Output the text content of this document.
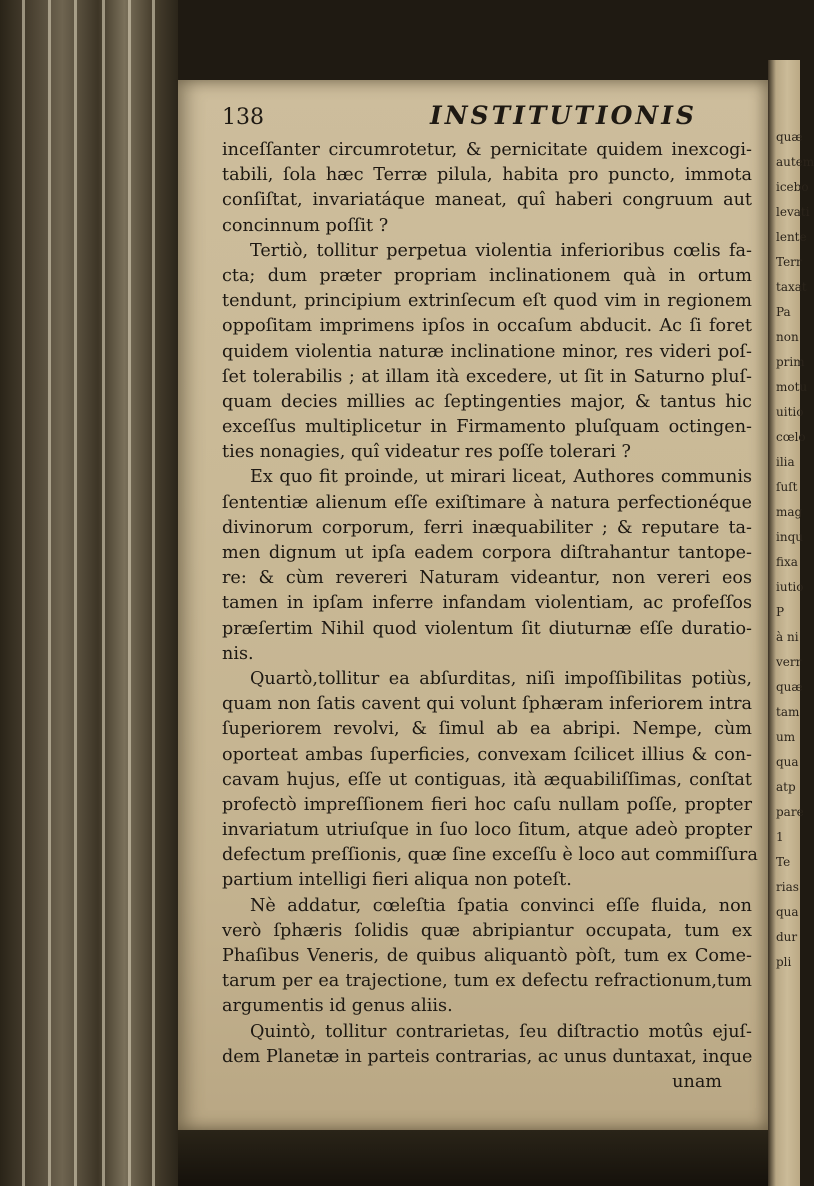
quæ
autem
icebo
levati
lente
Terr
taxat
Pa
non
prim
motu
uitio
cœlo
ilia
ſuſt
mag
inqu
fixa
iutio
P
à ni
verr
quæ
tam
um
qua
atp
pare
1
Te
rias
qua
dur
pli
138	INSTITUTIONIS
inceſſanter circumrotetur, & pernicitate quidem inexcogi-
tabili, ſola hæc Terræ pilula, habita pro puncto, immota
conſiſtat, invariatáque maneat, quî haberi congruum aut
concinnum poſſit ?
Tertiò, tollitur perpetua violentia inferioribus cœlis fa-
cta; dum præter propriam inclinationem quà in ortum
tendunt, principium extrinſecum eſt quod vim in regionem
oppoſitam imprimens ipſos in occaſum abducit. Ac ſi foret
quidem violentia naturæ inclinatione minor, res videri poſ-
ſet tolerabilis ; at illam ità excedere, ut ſit in Saturno pluſ-
quam decies millies ac ſeptingenties major, & tantus hic
exceſſus multiplicetur in Firmamento pluſquam octingen-
ties nonagies, quî videatur res poſſe tolerari ?
Ex quo fit proinde, ut mirari liceat, Authores communis
ſententiæ alienum eſſe exiſtimare à natura perfectionéque
divinorum corporum, ferri inæquabiliter ; & reputare ta-
men dignum ut ipſa eadem corpora diſtrahantur tantope-
re: & cùm revereri Naturam videantur, non vereri eos
tamen in ipſam inferre infandam violentiam, ac profeſſos
præſertim Nihil quod violentum ſit diuturnæ eſſe duratio-
nis.
Quartò,tollitur ea abſurditas, niſi impoſſibilitas potiùs,
quam non ſatis cavent qui volunt ſphæram inferiorem intra
ſuperiorem revolvi, & ſimul ab ea abripi. Nempe, cùm
oporteat ambas ſuperficies, convexam ſcilicet illius & con-
cavam hujus, eſſe ut contiguas, ità æquabiliſſimas, conſtat
profectò impreſſionem fieri hoc caſu nullam poſſe, propter
invariatum utriuſque in ſuo loco ſitum, atque adeò propter
defectum preſſionis, quæ ſine exceſſu è loco aut commiſſura
partium intelligi fieri aliqua non poteſt.
Nè addatur, cœleſtia ſpatia convinci eſſe fluida, non
verò ſphæris ſolidis quæ abripiantur occupata, tum ex
Phaſibus Veneris, de quibus aliquantò pòſt, tum ex Come-
tarum per ea trajectione, tum ex defectu refractionum,tum
argumentis id genus aliis.
Quintò, tollitur contrarietas, ſeu diſtractio motûs ejuſ-
dem Planetæ in parteis contrarias, ac unus duntaxat, inque
unam
